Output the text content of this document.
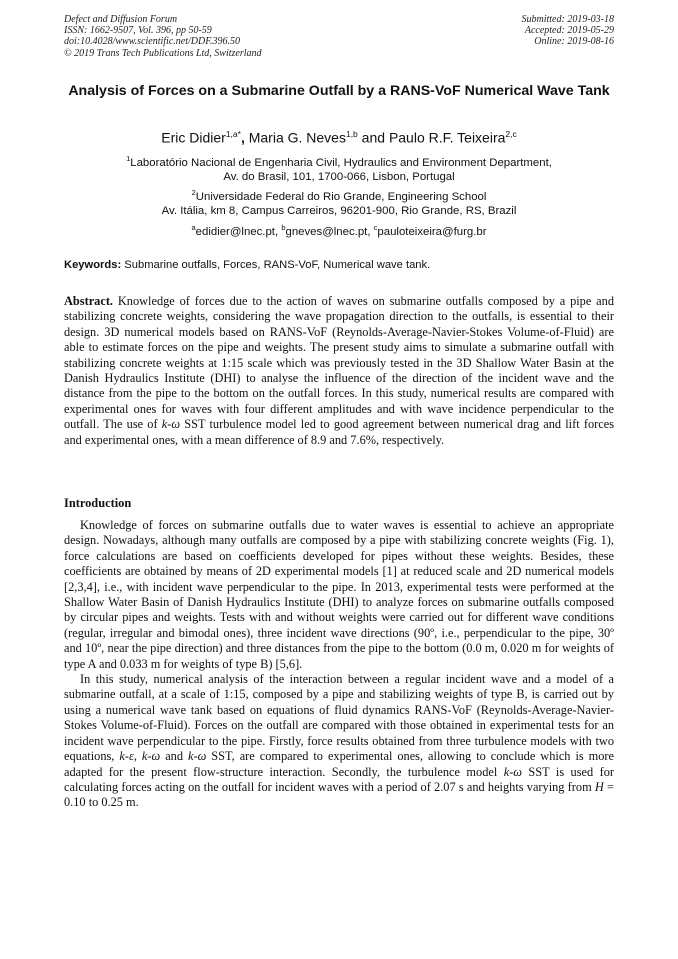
Defect and Diffusion Forum
ISSN: 1662-9507, Vol. 396, pp 50-59
doi:10.4028/www.scientific.net/DDF.396.50
© 2019 Trans Tech Publications Ltd, Switzerland
Submitted: 2019-03-18
Accepted: 2019-05-29
Online: 2019-08-16
Analysis of Forces on a Submarine Outfall by a RANS-VoF Numerical Wave Tank
Eric Didier$^{1,a*}$, Maria G. Neves$^{1,b}$ and Paulo R.F. Teixeira$^{2,c}$
$^1$Laboratório Nacional de Engenharia Civil, Hydraulics and Environment Department,
Av. do Brasil, 101, 1700-066, Lisbon, Portugal
$^2$Universidade Federal do Rio Grande, Engineering School
Av. Itália, km 8, Campus Carreiros, 96201-900, Rio Grande, RS, Brazil
$^a$edidier@lnec.pt, $^b$gneves@lnec.pt, $^c$pauloteixeira@furg.br
Keywords: Submarine outfalls, Forces, RANS-VoF, Numerical wave tank.
Abstract. Knowledge of forces due to the action of waves on submarine outfalls composed by a pipe and stabilizing concrete weights, considering the wave propagation direction to the outfalls, is essential to their design. 3D numerical models based on RANS-VoF (Reynolds-Average-Navier-Stokes Volume-of-Fluid) are able to estimate forces on the pipe and weights. The present study aims to simulate a submarine outfall with stabilizing concrete weights at 1:15 scale which was previously tested in the 3D Shallow Water Basin at the Danish Hydraulics Institute (DHI) to analyse the influence of the direction of the incident wave and the distance from the pipe to the bottom on the outfall forces. In this study, numerical results are compared with experimental ones for waves with four different amplitudes and with wave incidence perpendicular to the outfall. The use of k-ω SST turbulence model led to good agreement between numerical drag and lift forces and experimental ones, with a mean difference of 8.9 and 7.6%, respectively.
Introduction

Knowledge of forces on submarine outfalls due to water waves is essential to achieve an appropriate design. Nowadays, although many outfalls are composed by a pipe with stabilizing concrete weights (Fig. 1), force calculations are based on coefficients developed for pipes without these weights. Besides, these coefficients are obtained by means of 2D experimental models [1] at reduced scale and 2D numerical models [2,3,4], i.e., with incident wave perpendicular to the pipe. In 2013, experimental tests were performed at the Shallow Water Basin of Danish Hydraulics Institute (DHI) to analyze forces on submarine outfalls composed by circular pipes and weights. Tests with and without weights were carried out for different wave conditions (regular, irregular and bimodal ones), three incident wave directions (90º, i.e., perpendicular to the pipe, 30º and 10º, near the pipe direction) and three distances from the pipe to the bottom (0.0 m, 0.020 m for weights of type A and 0.033 m for weights of type B) [5,6].

In this study, numerical analysis of the interaction between a regular incident wave and a model of a submarine outfall, at a scale of 1:15, composed by a pipe and stabilizing weights of type B, is carried out by using a numerical wave tank based on equations of fluid dynamics RANS-VoF (Reynolds-Average-Navier-Stokes Volume-of-Fluid). Forces on the outfall are compared with those obtained in experimental tests for an incident wave perpendicular to the pipe. Firstly, force results obtained from three turbulence models with two equations, k-ε, k-ω and k-ω SST, are compared to experimental ones, allowing to conclude which is more adapted for the present flow-structure interaction. Secondly, the turbulence model k-ω SST is used for calculating forces acting on the outfall for incident waves with a period of 2.07 s and heights varying from H = 0.10 to 0.25 m.
